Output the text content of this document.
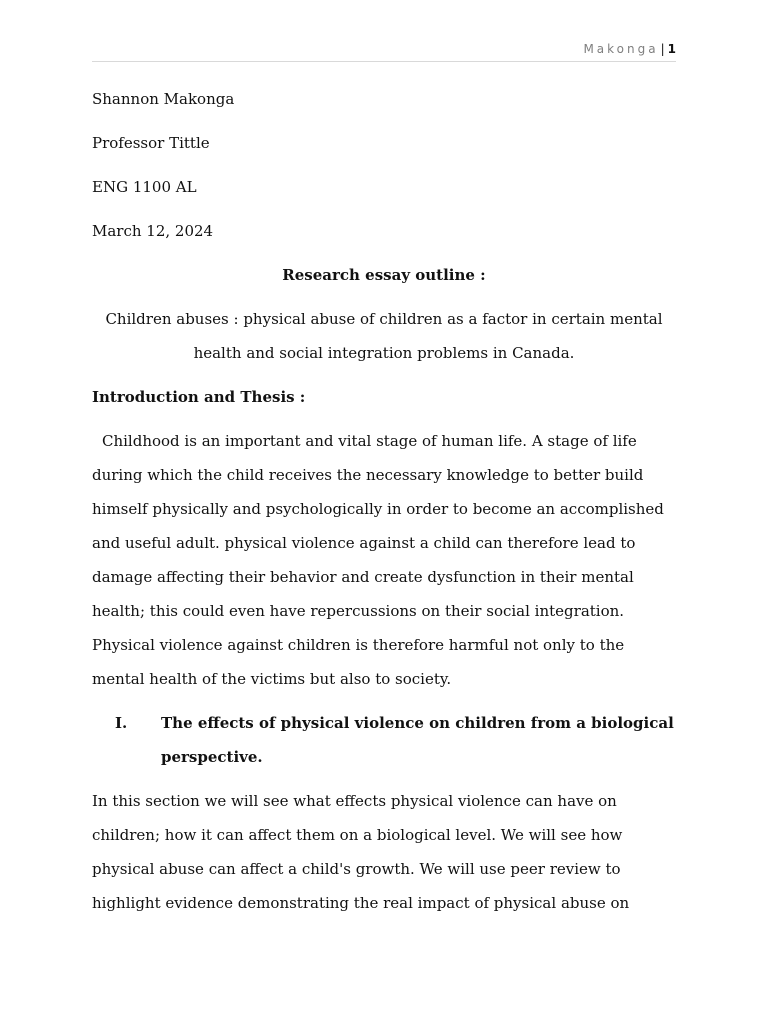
Makonga | 1

Shannon Makonga

Professor Tittle

ENG 1100 AL

March 12, 2024

Research essay outline :

Children abuses : physical abuse of children as a factor in certain mental health and social integration problems in Canada.

Introduction and Thesis :

Childhood is an important and vital stage of human life. A stage of life during which the child receives the necessary knowledge to better build himself physically and psychologically in order to become an accomplished and useful adult. physical violence against a child can therefore lead to damage affecting their behavior and create dysfunction in their mental health; this could even have repercussions on their social integration. Physical violence against children is therefore harmful not only to the mental health of the victims but also to society.

I. The effects of physical violence on children from a biological perspective.

In this section we will see what effects physical violence can have on children; how it can affect them on a biological level. We will see how physical abuse can affect a child's growth. We will use peer review to highlight evidence demonstrating the real impact of physical abuse on
